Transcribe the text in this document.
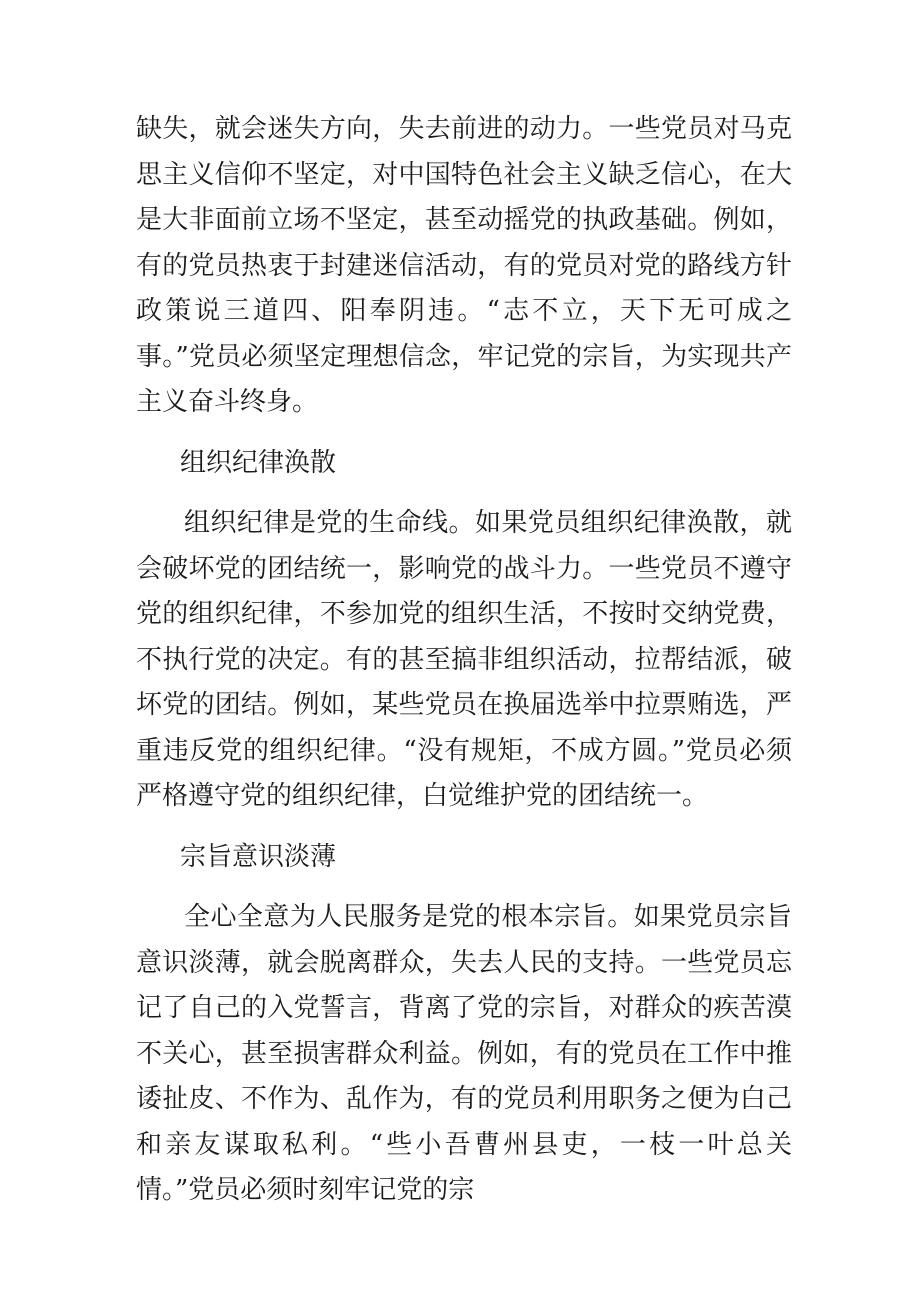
缺失，就会迷失方向，失去前进的动力。一些党员对马克思主义信仰不坚定，对中国特色社会主义缺乏信心，在大是大非面前立场不坚定，甚至动摇党的执政基础。例如，有的党员热衷于封建迷信活动，有的党员对党的路线方针政策说三道四、阳奉阴违。“志不立，天下无可成之事。”党员必须坚定理想信念，牢记党的宗旨，为实现共产主义奋斗终身。

组织纪律涣散

组织纪律是党的生命线。如果党员组织纪律涣散，就会破坏党的团结统一，影响党的战斗力。一些党员不遵守党的组织纪律，不参加党的组织生活，不按时交纳党费，不执行党的决定。有的甚至搞非组织活动，拉帮结派，破坏党的团结。例如，某些党员在换届选举中拉票贿选，严重违反党的组织纪律。“没有规矩，不成方圆。”党员必须严格遵守党的组织纪律，白觉维护党的团结统一。

宗旨意识淡薄

全心全意为人民服务是党的根本宗旨。如果党员宗旨意识淡薄，就会脱离群众，失去人民的支持。一些党员忘记了自己的入党誓言，背离了党的宗旨，对群众的疾苦漠不关心，甚至损害群众利益。例如，有的党员在工作中推诿扯皮、不作为、乱作为，有的党员利用职务之便为白己和亲友谋取私利。“些小吾曹州县吏，一枝一叶总关情。”党员必须时刻牢记党的宗
